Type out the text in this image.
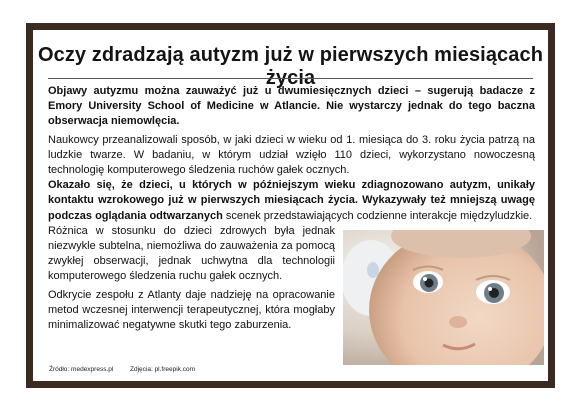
Oczy zdradzają autyzm już w pierwszych miesiącach życia

Objawy autyzmu można zauważyć już u dwumiesięcznych dzieci – sugerują badacze z Emory University School of Medicine w Atlancie. Nie wystarczy jednak do tego baczna obserwacja niemowlęcia.

Naukowcy przeanalizowali sposób, w jaki dzieci w wieku od 1. miesiąca do 3. roku życia patrzą na ludzkie twarze. W badaniu, w którym udział wzięło 110 dzieci, wykorzystano nowoczesną technologię komputerowego śledzenia ruchów gałek ocznych.

Okazało się, że dzieci, u których w późniejszym wieku zdiagnozowano autyzm, unikały kontaktu wzrokowego już w pierwszych miesiącach życia. Wykazywały też mniejszą uwagę podczas oglądania odtwarzanych scenek przedstawiających codzienne interakcje międzyludzkie.

Różnica w stosunku do dzieci zdrowych była jednak niezwykle subtelna, niemożliwa do zauważenia za pomocą zwykłej obserwacji, jednak uchwytna dla technologii komputerowego śledzenia ruchu gałek ocznych.

Odkrycie zespołu z Atlanty daje nadzieję na opracowanie metod wczesnej interwencji terapeutycznej, która mogłaby minimalizować negatywne skutki tego zaburzenia.

Źródło: medexpress.pl	Zdjęcia: pl.freepik.com
